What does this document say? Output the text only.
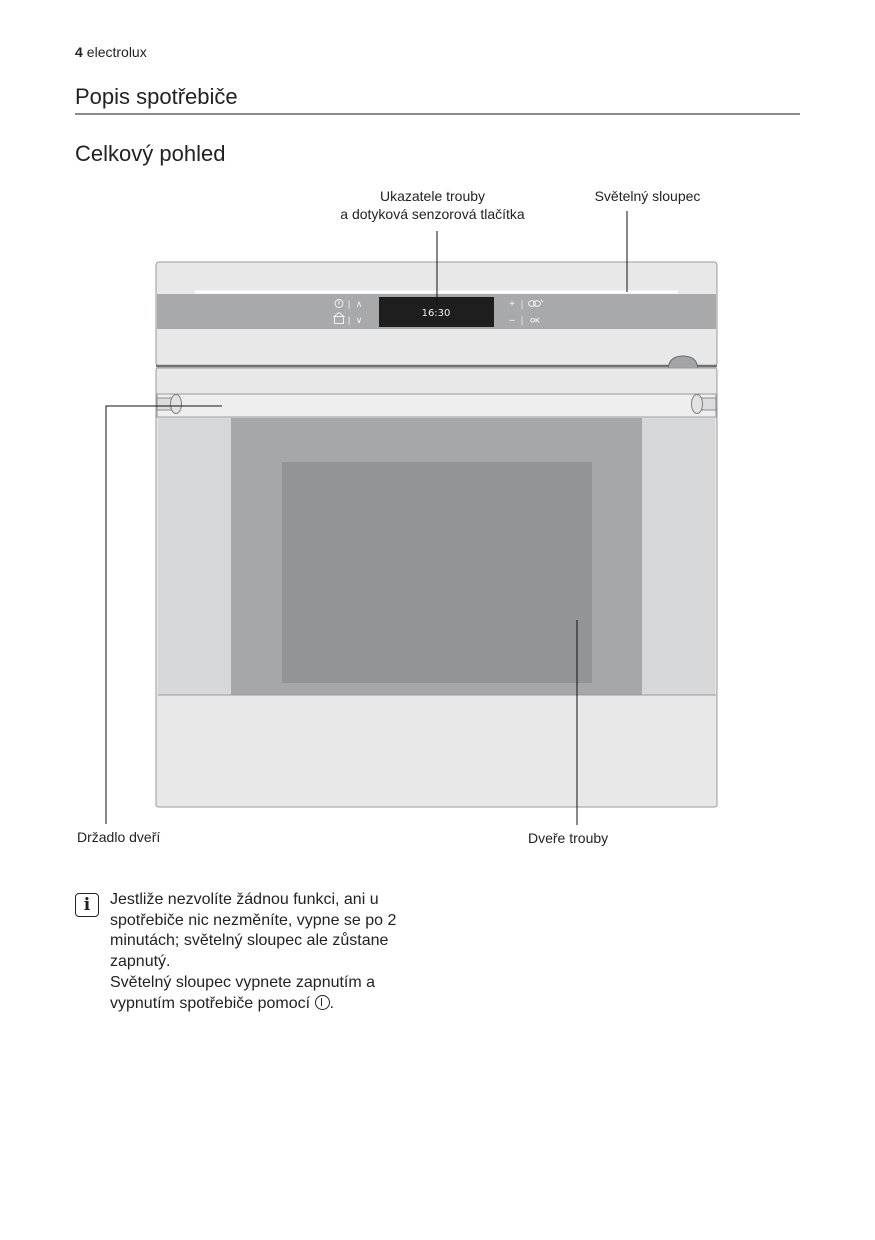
4 electrolux
Popis spotřebiče
Celkový pohled
16:30
| ∧
| ∨
+ |
– | OK
Ukazatele trouby
a dotyková senzorová tlačítka
Světelný sloupec
Držadlo dveří	Dveře trouby
i	Jestliže nezvolíte žádnou funkci, ani u spotřebiče nic nezměníte, vypne se po 2 minutách; světelný sloupec ale zůstane zapnutý.

Světelný sloupec vypnete zapnutím a vypnutím spotřebiče pomocí .
